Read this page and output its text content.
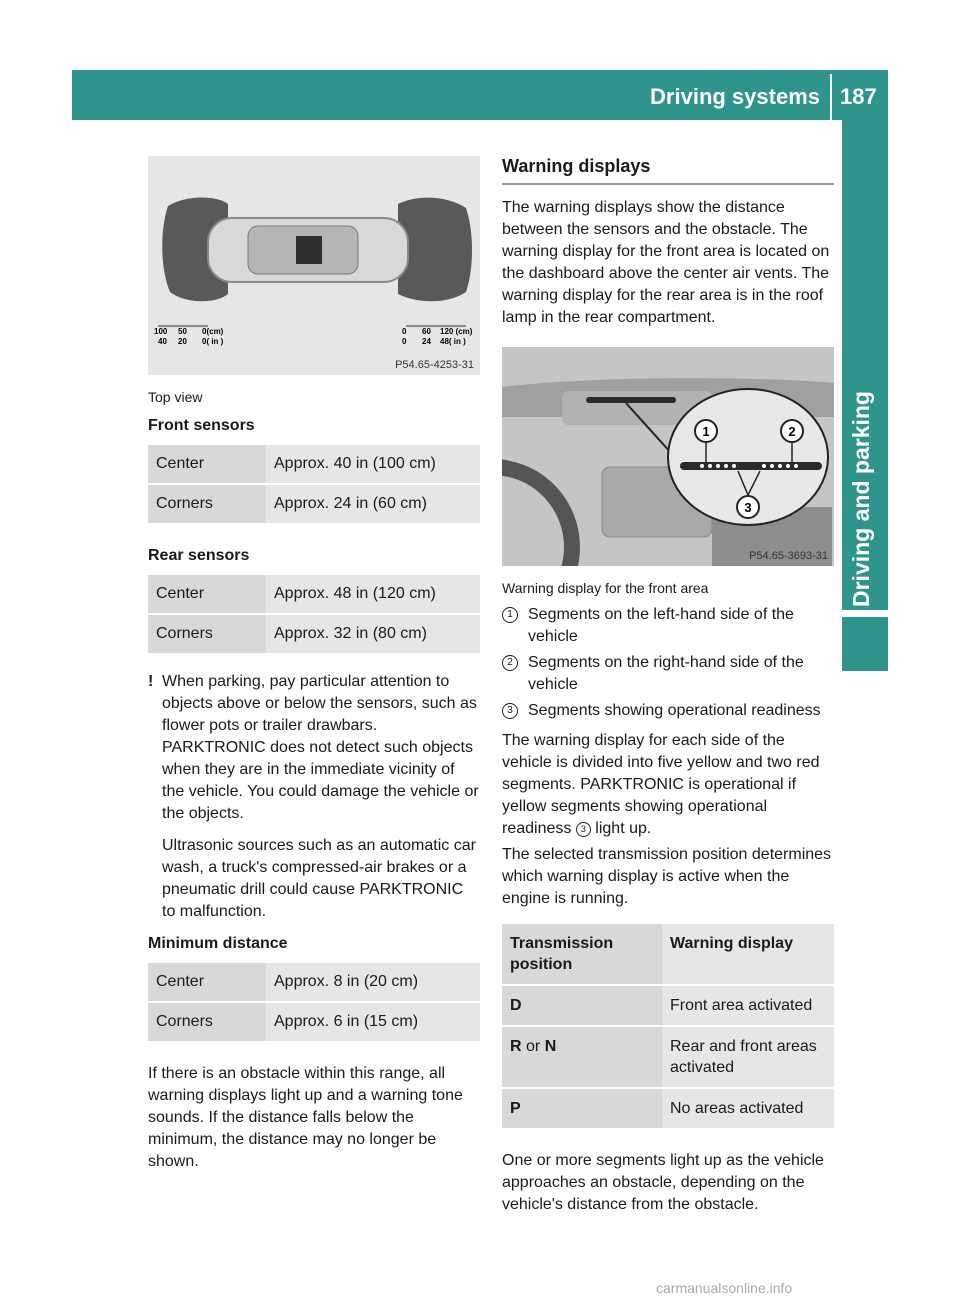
Driving systems 187
Driving and parking
100 50 0(cm)
40 20 0( in )
0 60 120 (cm)
0 24 48( in )
P54.65-4253-31
Top view
Front sensors
Center	Approx. 40 in (100 cm)
Corners	Approx. 24 in (60 cm)
Rear sensors
Center	Approx. 48 in (120 cm)
Corners	Approx. 32 in (80 cm)
! When parking, pay particular attention to objects above or below the sensors, such as flower pots or trailer drawbars. PARKTRONIC does not detect such objects when they are in the immediate vicinity of the vehicle. You could damage the vehicle or the objects.

Ultrasonic sources such as an automatic car wash, a truck's compressed-air brakes or a pneumatic drill could cause PARKTRONIC to malfunction.

Minimum distance
Center	Approx. 8 in (20 cm)
Corners	Approx. 6 in (15 cm)

If there is an obstacle within this range, all warning displays light up and a warning tone sounds. If the distance falls below the minimum, the distance may no longer be shown.

Warning displays

The warning displays show the distance between the sensors and the obstacle. The warning display for the front area is located on the dashboard above the center air vents. The warning display for the rear area is in the roof lamp in the rear compartment.

1	2
3
P54.65-3693-31
Warning display for the front area
1 Segments on the left-hand side of the vehicle
2 Segments on the right-hand side of the vehicle
3 Segments showing operational readiness

The warning display for each side of the vehicle is divided into five yellow and two red segments. PARKTRONIC is operational if yellow segments showing operational readiness 3 light up.

The selected transmission position determines which warning display is active when the engine is running.

Transmission position	Warning display
D	Front area activated
R or N	Rear and front areas activated
P	No areas activated

One or more segments light up as the vehicle approaches an obstacle, depending on the vehicle's distance from the obstacle.

carmanualsonline.info
